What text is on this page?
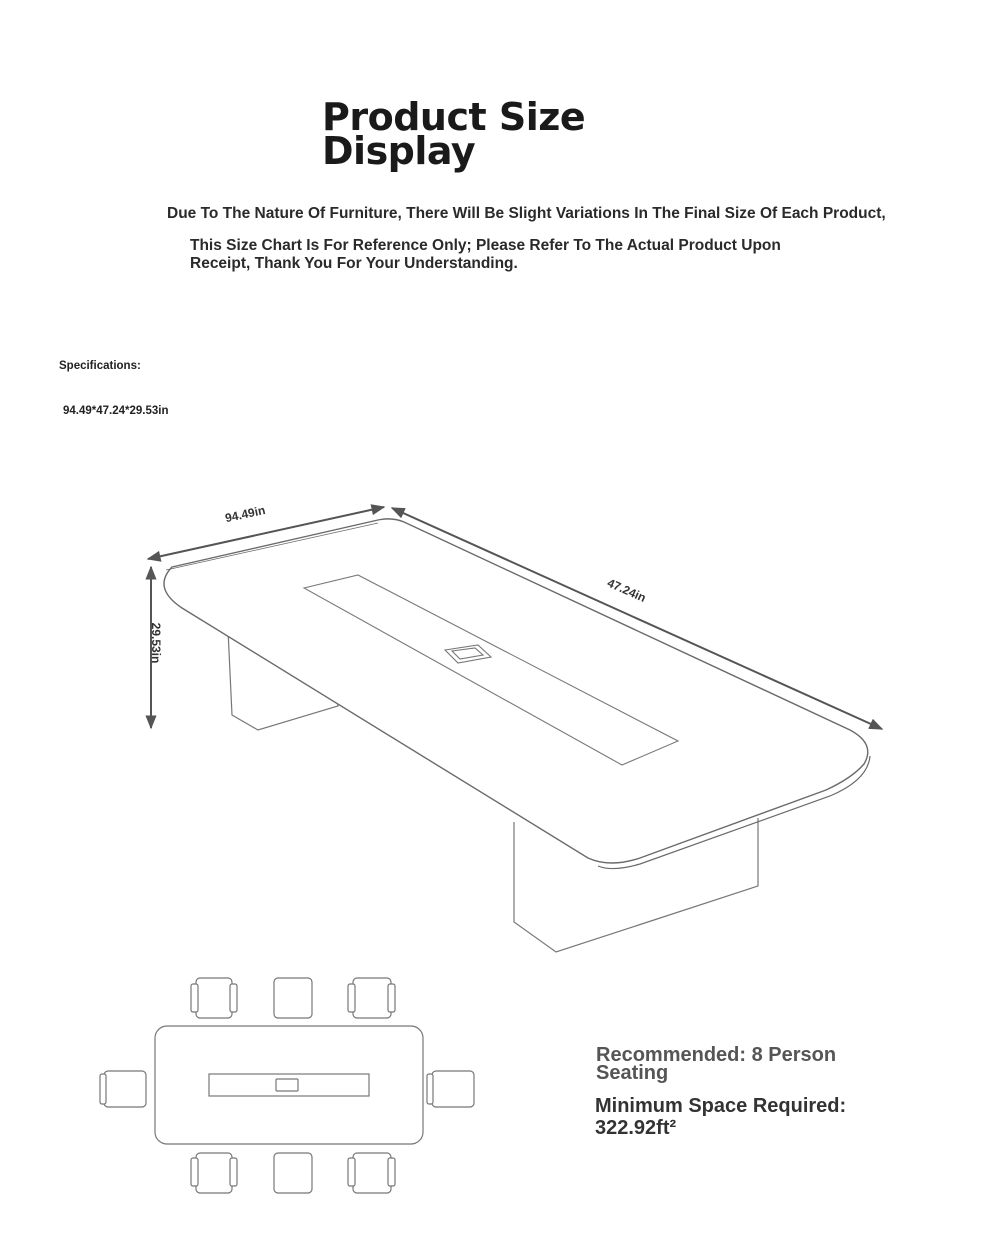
Product Size
Display
Due To The Nature Of Furniture, There Will Be Slight Variations In The Final Size Of Each Product,
This Size Chart Is For Reference Only; Please Refer To The Actual Product Upon Receipt, Thank You For Your Understanding.
Specifications:
94.49*47.24*29.53in
94.49in
47.24in
29.53in
Recommended: 8 Person Seating
Minimum Space Required:
322.92ft²
